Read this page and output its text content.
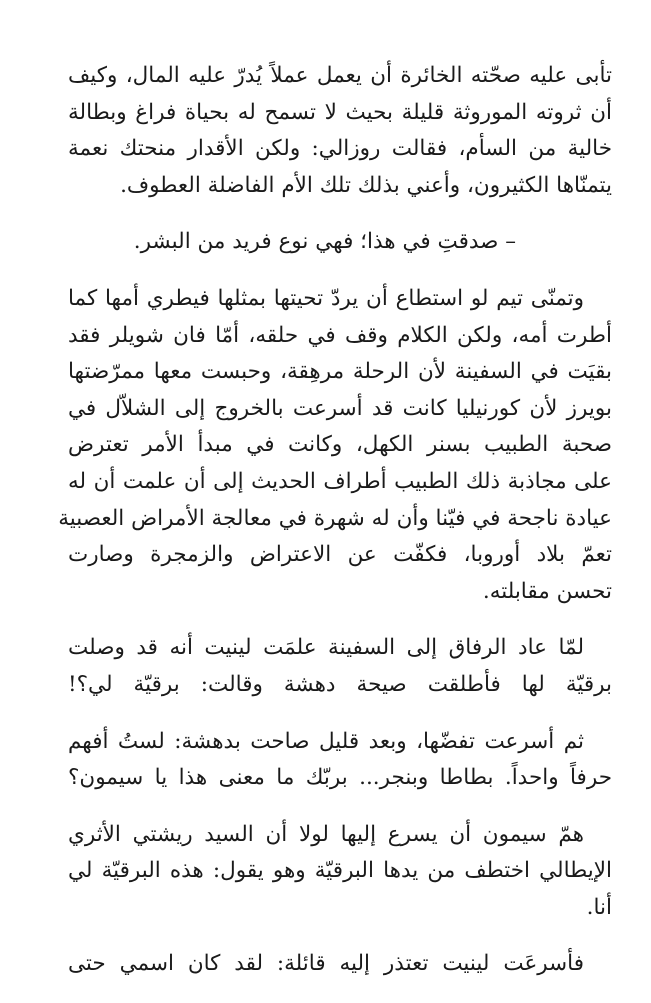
تأبى عليه صحّته الخائرة أن يعمل عملاً يُدرّ عليه المال، وكيف
أن ثروته الموروثة قليلة بحيث لا تسمح له بحياة فراغ وبطالة
خالية من السأم، فقالت روزالي: ولكن الأقدار منحتك نعمة
يتمنّاها الكثيرون، وأعني بذلك تلك الأم الفاضلة العطوف.
– صدقتِ في هذا؛ فهي نوع فريد من البشر.
وتمنّى تيم لو استطاع أن يردّ تحيتها بمثلها فيطري أمها كما
أطرت أمه، ولكن الكلام وقف في حلقه، أمّا فان شويلر فقد
بقيَت في السفينة لأن الرحلة مرهِقة، وحبست معها ممرّضتها
بويرز لأن كورنيليا كانت قد أسرعت بالخروج إلى الشلاّل في
صحبة الطبيب بسنر الكهل، وكانت في مبدأ الأمر تعترض
على مجاذبة ذلك الطبيب أطراف الحديث إلى أن علمت أن له
عيادة ناجحة في فيّنا وأن له شهرة في معالجة الأمراض العصبية
تعمّ بلاد أوروبا، فكفّت عن الاعتراض والزمجرة وصارت
تحسن مقابلته.
لمّا عاد الرفاق إلى السفينة علمَت لينيت أنه قد وصلت
برقيّة لها فأطلقت صيحة دهشة وقالت: برقيّة لي؟!
ثم أسرعت تفضّها، وبعد قليل صاحت بدهشة: لستُ أفهم
حرفاً واحداً. بطاطا وبنجر... بربّك ما معنى هذا يا سيمون؟
همّ سيمون أن يسرع إليها لولا أن السيد ريشتي الأثري
الإيطالي اختطف من يدها البرقيّة وهو يقول: هذه البرقيّة لي
أنا.
فأسرعَت لينيت تعتذر إليه قائلة: لقد كان اسمي حتى
